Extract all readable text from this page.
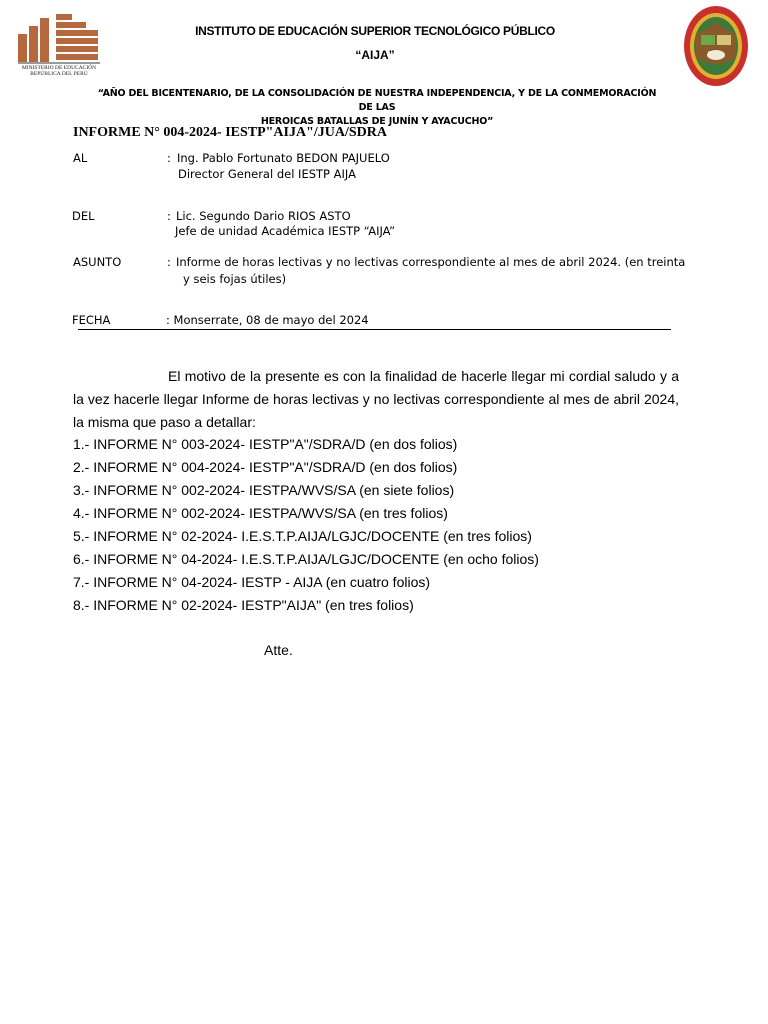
MINISTERIO DE EDUCACIÓN
REPÚBLICA DEL PERÚ
INSTITUTO DE EDUCACIÓN SUPERIOR TECNOLÓGICO PÚBLICO
“AIJA”
“AÑO DEL BICENTENARIO, DE LA CONSOLIDACIÓN DE NUESTRA INDEPENDENCIA, Y DE LA CONMEMORACIÓN DE LAS
HEROICAS BATALLAS DE JUNÍN Y AYACUCHO”
INFORME N° 004-2024- IESTP"AIJA"/JUA/SDRA
AL	: Ing. Pablo Fortunato BEDON PAJUELO
Director General del IESTP AIJA
DEL	: Lic. Segundo Dario RIOS ASTO
Jefe de unidad Académica IESTP “AIJA”
ASUNTO	: Informe de horas lectivas y no lectivas correspondiente al mes de abril 2024. (en treinta
y seis fojas útiles)
FECHA	: Monserrate, 08 de mayo del 2024
El motivo de la presente es con la finalidad de hacerle llegar mi cordial saludo y a la vez hacerle llegar Informe de horas lectivas y no lectivas correspondiente al mes de abril 2024, la misma que paso a detallar:
1.- INFORME N° 003-2024- IESTP"A"/SDRA/D (en dos folios)
2.- INFORME N° 004-2024- IESTP"A"/SDRA/D (en dos folios)
3.- INFORME N° 002-2024- IESTPA/WVS/SA (en siete folios)
4.- INFORME N° 002-2024- IESTPA/WVS/SA (en tres folios)
5.- INFORME N° 02-2024- I.E.S.T.P.AIJA/LGJC/DOCENTE (en tres folios)
6.- INFORME N° 04-2024- I.E.S.T.P.AIJA/LGJC/DOCENTE (en ocho folios)
7.- INFORME N° 04-2024- IESTP - AIJA (en cuatro folios)
8.- INFORME N° 02-2024- IESTP"AIJA" (en tres folios)
Atte.
